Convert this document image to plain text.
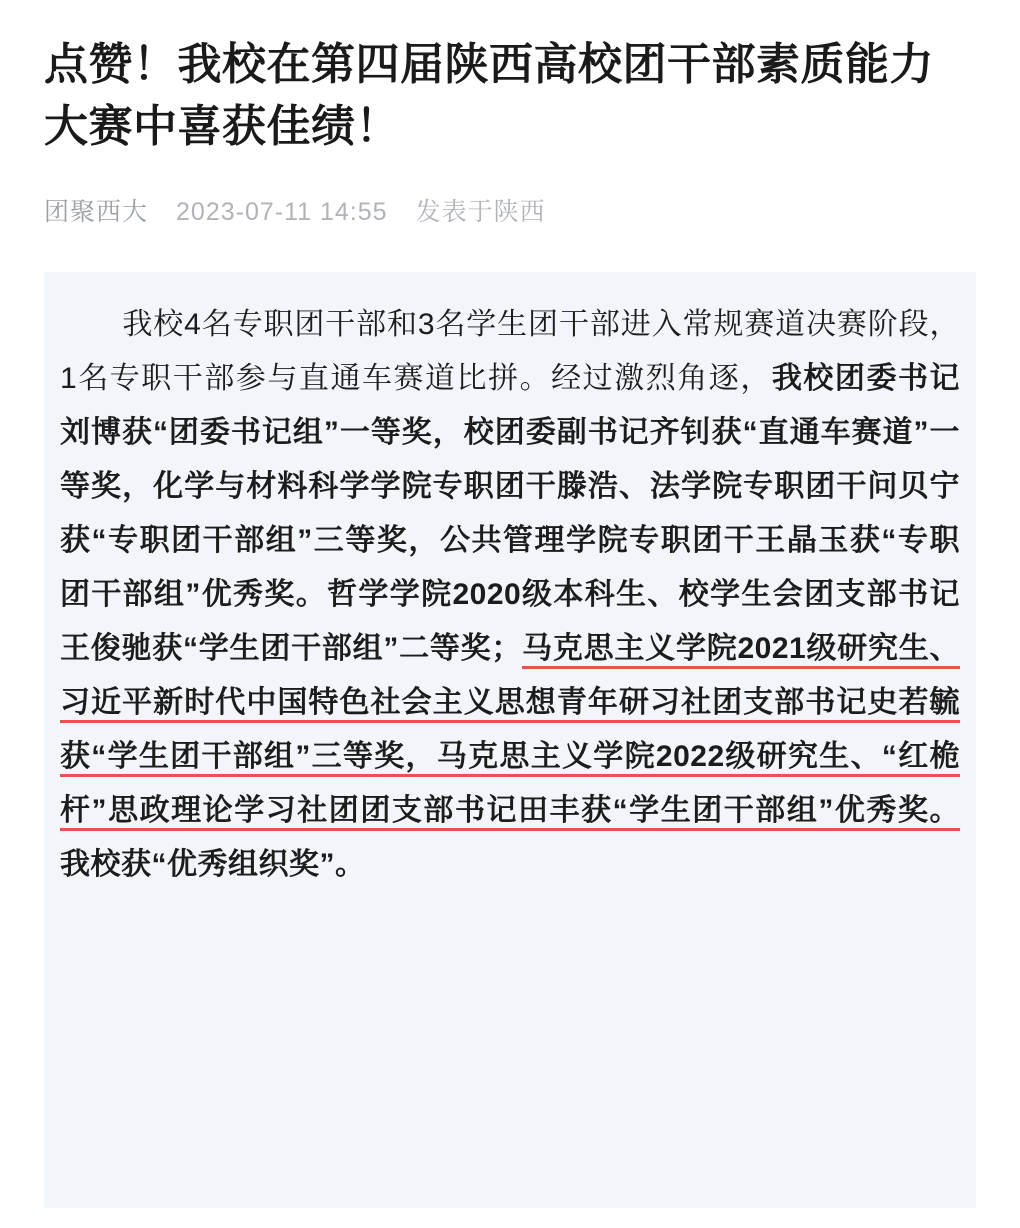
点赞！我校在第四届陕西高校团干部素质能力大赛中喜获佳绩！
团聚西大 2023-07-11 14:55 发表于陕西

我校4名专职团干部和3名学生团干部进入常规赛道决赛阶段，1名专职干部参与直通车赛道比拼。经过激烈角逐，我校团委书记刘博获“团委书记组”一等奖，校团委副书记齐钊获“直通车赛道”一等奖，化学与材料科学学院专职团干滕浩、法学院专职团干问贝宁获“专职团干部组”三等奖，公共管理学院专职团干王晶玉获“专职团干部组”优秀奖。哲学学院2020级本科生、校学生会团支部书记王俊驰获“学生团干部组”二等奖；马克思主义学院2021级研究生、习近平新时代中国特色社会主义思想青年研习社团支部书记史若毓获“学生团干部组”三等奖，马克思主义学院2022级研究生、“红桅杆”思政理论学习社团团支部书记田丰获“学生团干部组”优秀奖。我校获“优秀组织奖”。
